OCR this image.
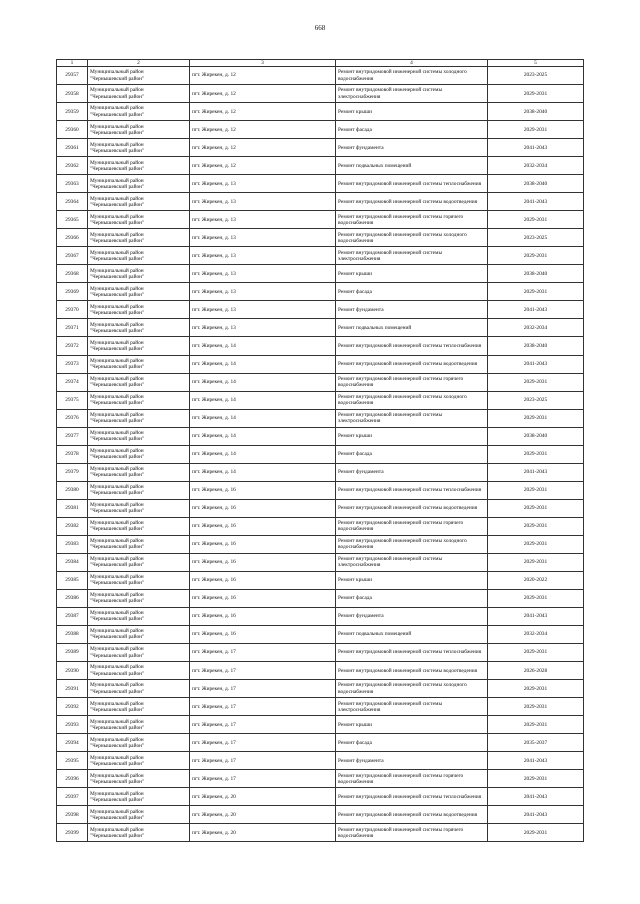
668
1	2	3	4	5
29357	Муниципальный район
"Чернышевский район"	пгт. Жирекен, д. 12	Ремонт внутридомовой инженерной системы холодного водоснабжения	2023-2025
29358	Муниципальный район
"Чернышевский район"	пгт. Жирекен, д. 12	Ремонт внутридомовой инженерной системы электроснабжения	2029-2031
29359	Муниципальный район
"Чернышевский район"	пгт. Жирекен, д. 12	Ремонт крыши	2038-2040
29360	Муниципальный район
"Чернышевский район"	пгт. Жирекен, д. 12	Ремонт фасада	2029-2031
29361	Муниципальный район
"Чернышевский район"	пгт. Жирекен, д. 12	Ремонт фундамента	2041-2043
29362	Муниципальный район
"Чернышевский район"	пгт. Жирекен, д. 12	Ремонт подвальных помещений	2032-2034
29363	Муниципальный район
"Чернышевский район"	пгт. Жирекен, д. 13	Ремонт внутридомовой инженерной системы теплоснабжения	2038-2040
29364	Муниципальный район
"Чернышевский район"	пгт. Жирекен, д. 13	Ремонт внутридомовой инженерной системы водоотведения	2041-2043
29365	Муниципальный район
"Чернышевский район"	пгт. Жирекен, д. 13	Ремонт внутридомовой инженерной системы горячего водоснабжения	2029-2031
29366	Муниципальный район
"Чернышевский район"	пгт. Жирекен, д. 13	Ремонт внутридомовой инженерной системы холодного водоснабжения	2023-2025
29367	Муниципальный район
"Чернышевский район"	пгт. Жирекен, д. 13	Ремонт внутридомовой инженерной системы электроснабжения	2029-2031
29368	Муниципальный район
"Чернышевский район"	пгт. Жирекен, д. 13	Ремонт крыши	2038-2040
29369	Муниципальный район
"Чернышевский район"	пгт. Жирекен, д. 13	Ремонт фасада	2029-2031
29370	Муниципальный район
"Чернышевский район"	пгт. Жирекен, д. 13	Ремонт фундамента	2041-2043
29371	Муниципальный район
"Чернышевский район"	пгт. Жирекен, д. 13	Ремонт подвальных помещений	2032-2034
29372	Муниципальный район
"Чернышевский район"	пгт. Жирекен, д. 14	Ремонт внутридомовой инженерной системы теплоснабжения	2038-2040
29373	Муниципальный район
"Чернышевский район"	пгт. Жирекен, д. 14	Ремонт внутридомовой инженерной системы водоотведения	2041-2043
29374	Муниципальный район
"Чернышевский район"	пгт. Жирекен, д. 14	Ремонт внутридомовой инженерной системы горячего водоснабжения	2029-2031
29375	Муниципальный район
"Чернышевский район"	пгт. Жирекен, д. 14	Ремонт внутридомовой инженерной системы холодного водоснабжения	2023-2025
29376	Муниципальный район
"Чернышевский район"	пгт. Жирекен, д. 14	Ремонт внутридомовой инженерной системы электроснабжения	2029-2031
29377	Муниципальный район
"Чернышевский район"	пгт. Жирекен, д. 14	Ремонт крыши	2038-2040
29378	Муниципальный район
"Чернышевский район"	пгт. Жирекен, д. 14	Ремонт фасада	2029-2031
29379	Муниципальный район
"Чернышевский район"	пгт. Жирекен, д. 14	Ремонт фундамента	2041-2043
29380	Муниципальный район
"Чернышевский район"	пгт. Жирекен, д. 16	Ремонт внутридомовой инженерной системы теплоснабжения	2029-2031
29381	Муниципальный район
"Чернышевский район"	пгт. Жирекен, д. 16	Ремонт внутридомовой инженерной системы водоотведения	2029-2031
29382	Муниципальный район
"Чернышевский район"	пгт. Жирекен, д. 16	Ремонт внутридомовой инженерной системы горячего водоснабжения	2029-2031
29383	Муниципальный район
"Чернышевский район"	пгт. Жирекен, д. 16	Ремонт внутридомовой инженерной системы холодного водоснабжения	2029-2031
29384	Муниципальный район
"Чернышевский район"	пгт. Жирекен, д. 16	Ремонт внутридомовой инженерной системы электроснабжения	2029-2031
29385	Муниципальный район
"Чернышевский район"	пгт. Жирекен, д. 16	Ремонт крыши	2020-2022
29386	Муниципальный район
"Чернышевский район"	пгт. Жирекен, д. 16	Ремонт фасада	2029-2031
29387	Муниципальный район
"Чернышевский район"	пгт. Жирекен, д. 16	Ремонт фундамента	2041-2043
29388	Муниципальный район
"Чернышевский район"	пгт. Жирекен, д. 16	Ремонт подвальных помещений	2032-2034
29389	Муниципальный район
"Чернышевский район"	пгт. Жирекен, д. 17	Ремонт внутридомовой инженерной системы теплоснабжения	2029-2031
29390	Муниципальный район
"Чернышевский район"	пгт. Жирекен, д. 17	Ремонт внутридомовой инженерной системы водоотведения	2026-2028
29391	Муниципальный район
"Чернышевский район"	пгт. Жирекен, д. 17	Ремонт внутридомовой инженерной системы холодного водоснабжения	2029-2031
29392	Муниципальный район
"Чернышевский район"	пгт. Жирекен, д. 17	Ремонт внутридомовой инженерной системы электроснабжения	2029-2031
29393	Муниципальный район
"Чернышевский район"	пгт. Жирекен, д. 17	Ремонт крыши	2029-2031
29394	Муниципальный район
"Чернышевский район"	пгт. Жирекен, д. 17	Ремонт фасада	2035-2037
29395	Муниципальный район
"Чернышевский район"	пгт. Жирекен, д. 17	Ремонт фундамента	2041-2043
29396	Муниципальный район
"Чернышевский район"	пгт. Жирекен, д. 17	Ремонт внутридомовой инженерной системы горячего водоснабжения	2029-2031
29397	Муниципальный район
"Чернышевский район"	пгт. Жирекен, д. 20	Ремонт внутридомовой инженерной системы теплоснабжения	2041-2043
29398	Муниципальный район
"Чернышевский район"	пгт. Жирекен, д. 20	Ремонт внутридомовой инженерной системы водоотведения	2041-2043
29399	Муниципальный район
"Чернышевский район"	пгт. Жирекен, д. 20	Ремонт внутридомовой инженерной системы горячего водоснабжения	2029-2031
